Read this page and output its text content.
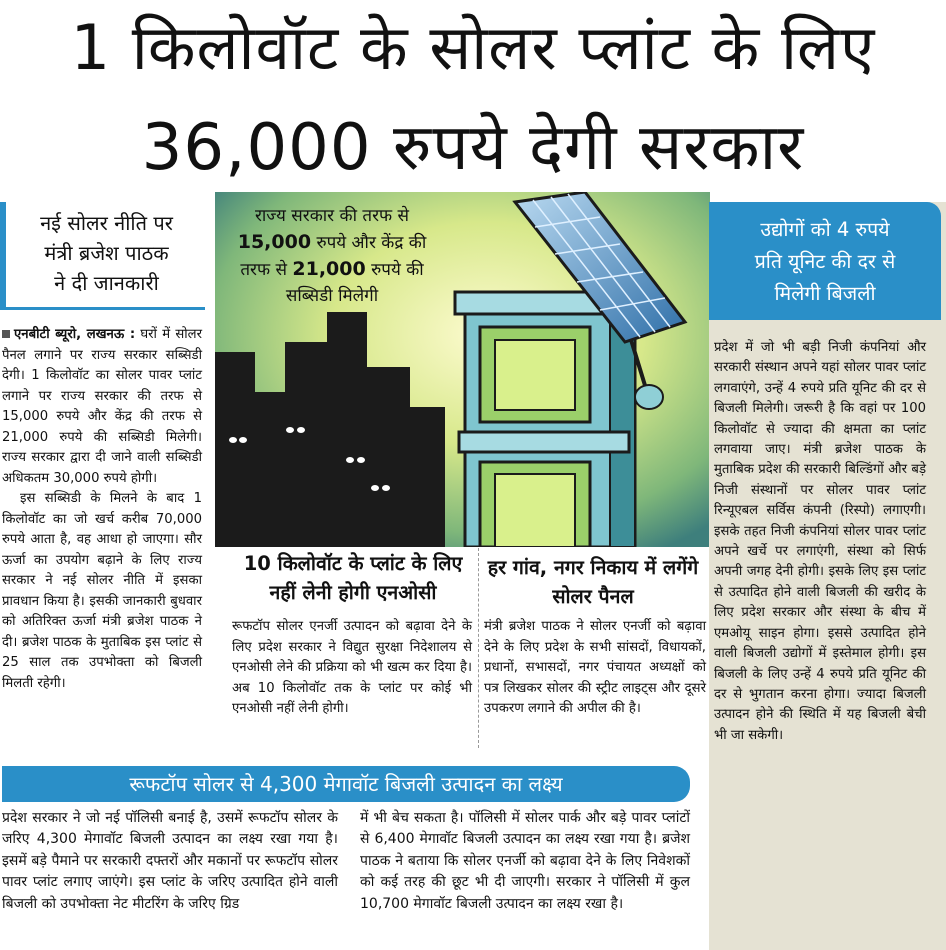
1 किलोवॉट के सोलर प्लांट के लिए
36,000 रुपये देगी सरकार
नई सोलर नीति पर
मंत्री ब्रजेश पाठक
ने दी जानकारी

एनबीटी ब्यूरो, लखनऊ : घरों में सोलर पैनल लगाने पर राज्य सरकार सब्सिडी देगी। 1 किलोवॉट का सोलर पावर प्लांट लगाने पर राज्य सरकार की तरफ से 15,000 रुपये और केंद्र की तरफ से 21,000 रुपये की सब्सिडी मिलेगी। राज्य सरकार द्वारा दी जाने वाली सब्सिडी अधिकतम 30,000 रुपये होगी।

इस सब्सिडी के मिलने के बाद 1 किलोवॉट का जो खर्च करीब 70,000 रुपये आता है, वह आधा हो जाएगा। सौर ऊर्जा का उपयोग बढ़ाने के लिए राज्य सरकार ने नई सोलर नीति में इसका प्रावधान किया है। इसकी जानकारी बुधवार को अतिरिक्त ऊर्जा मंत्री ब्रजेश पाठक ने दी। ब्रजेश पाठक के मुताबिक इस प्लांट से 25 साल तक उपभोक्ता को बिजली मिलती रहेगी।

राज्य सरकार की तरफ से 15,000 रुपये और केंद्र की तरफ से 21,000 रुपये की सब्सिडी मिलेगी
उद्योगों को 4 रुपये
प्रति यूनिट की दर से
मिलेगी बिजली
प्रदेश में जो भी बड़ी निजी कंपनियां और सरकारी संस्थान अपने यहां सोलर पावर प्लांट लगवाएंगे, उन्हें 4 रुपये प्रति यूनिट की दर से बिजली मिलेगी। जरूरी है कि वहां पर 100 किलोवॉट से ज्यादा की क्षमता का प्लांट लगवाया जाए। मंत्री ब्रजेश पाठक के मुताबिक प्रदेश की सरकारी बिल्डिंगों और बड़े निजी संस्थानों पर सोलर पावर प्लांट रिन्यूएबल सर्विस कंपनी (रिस्पो) लगाएगी। इसके तहत निजी कंपनियां सोलर पावर प्लांट अपने खर्चे पर लगाएंगी, संस्था को सिर्फ अपनी जगह देनी होगी। इसके लिए इस प्लांट से उत्पादित होने वाली बिजली की खरीद के लिए प्रदेश सरकार और संस्था के बीच में एमओयू साइन होगा। इससे उत्पादित होने वाली बिजली उद्योगों में इस्तेमाल होगी। इस बिजली के लिए उन्हें 4 रुपये प्रति यूनिट की दर से भुगतान करना होगा। ज्यादा बिजली उत्पादन होने की स्थिति में यह बिजली बेची भी जा सकेगी।
10 किलोवॉट के प्लांट के लिए नहीं लेनी होगी एनओसी
रूफटॉप सोलर एनर्जी उत्पादन को बढ़ावा देने के लिए प्रदेश सरकार ने विद्युत सुरक्षा निदेशालय से एनओसी लेने की प्रक्रिया को भी खत्म कर दिया है। अब 10 किलोवॉट तक के प्लांट पर कोई भी एनओसी नहीं लेनी होगी।
हर गांव, नगर निकाय में लगेंगे सोलर पैनल
मंत्री ब्रजेश पाठक ने सोलर एनर्जी को बढ़ावा देने के लिए प्रदेश के सभी सांसदों, विधायकों, प्रधानों, सभासदों, नगर पंचायत अध्यक्षों को पत्र लिखकर सोलर की स्ट्रीट लाइट्स और दूसरे उपकरण लगाने की अपील की है।
रूफटॉप सोलर से 4,300 मेगावॉट बिजली उत्पादन का लक्ष्य
प्रदेश सरकार ने जो नई पॉलिसी बनाई है, उसमें रूफटॉप सोलर के जरिए 4,300 मेगावॉट बिजली उत्पादन का लक्ष्य रखा गया है। इसमें बड़े पैमाने पर सरकारी दफ्तरों और मकानों पर रूफटॉप सोलर पावर प्लांट लगाए जाएंगे। इस प्लांट के जरिए उत्पादित होने वाली बिजली को उपभोक्ता नेट मीटरिंग के जरिए ग्रिड
में भी बेच सकता है। पॉलिसी में सोलर पार्क और बड़े पावर प्लांटों से 6,400 मेगावॉट बिजली उत्पादन का लक्ष्य रखा गया है। ब्रजेश पाठक ने बताया कि सोलर एनर्जी को बढ़ावा देने के लिए निवेशकों को कई तरह की छूट भी दी जाएगी। सरकार ने पॉलिसी में कुल 10,700 मेगावॉट बिजली उत्पादन का लक्ष्य रखा है।
